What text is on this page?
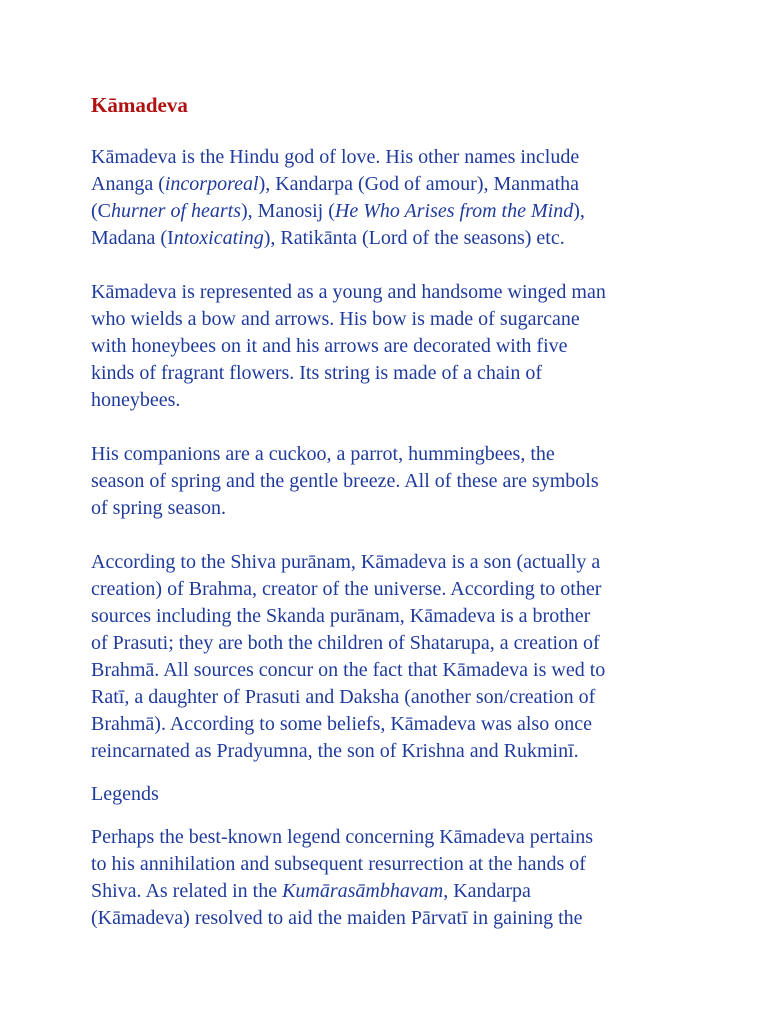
Kāmadeva

Kāmadeva is the Hindu god of love. His other names include
Ananga (incorporeal), Kandarpa (God of amour), Manmatha
(Churner of hearts), Manosij (He Who Arises from the Mind),
Madana (Intoxicating), Ratikānta (Lord of the seasons) etc.

Kāmadeva is represented as a young and handsome winged man
who wields a bow and arrows. His bow is made of sugarcane
with honeybees on it and his arrows are decorated with five
kinds of fragrant flowers. Its string is made of a chain of
honeybees.

His companions are a cuckoo, a parrot, hummingbees, the
season of spring and the gentle breeze. All of these are symbols
of spring season.

According to the Shiva purānam, Kāmadeva is a son (actually a
creation) of Brahma, creator of the universe. According to other
sources including the Skanda purānam, Kāmadeva is a brother
of Prasuti; they are both the children of Shatarupa, a creation of
Brahmā. All sources concur on the fact that Kāmadeva is wed to
Ratī, a daughter of Prasuti and Daksha (another son/creation of
Brahmā). According to some beliefs, Kāmadeva was also once
reincarnated as Pradyumna, the son of Krishna and Rukminī.

Legends

Perhaps the best-known legend concerning Kāmadeva pertains
to his annihilation and subsequent resurrection at the hands of
Shiva. As related in the Kumārasāmbhavam, Kandarpa
(Kāmadeva) resolved to aid the maiden Pārvatī in gaining the
